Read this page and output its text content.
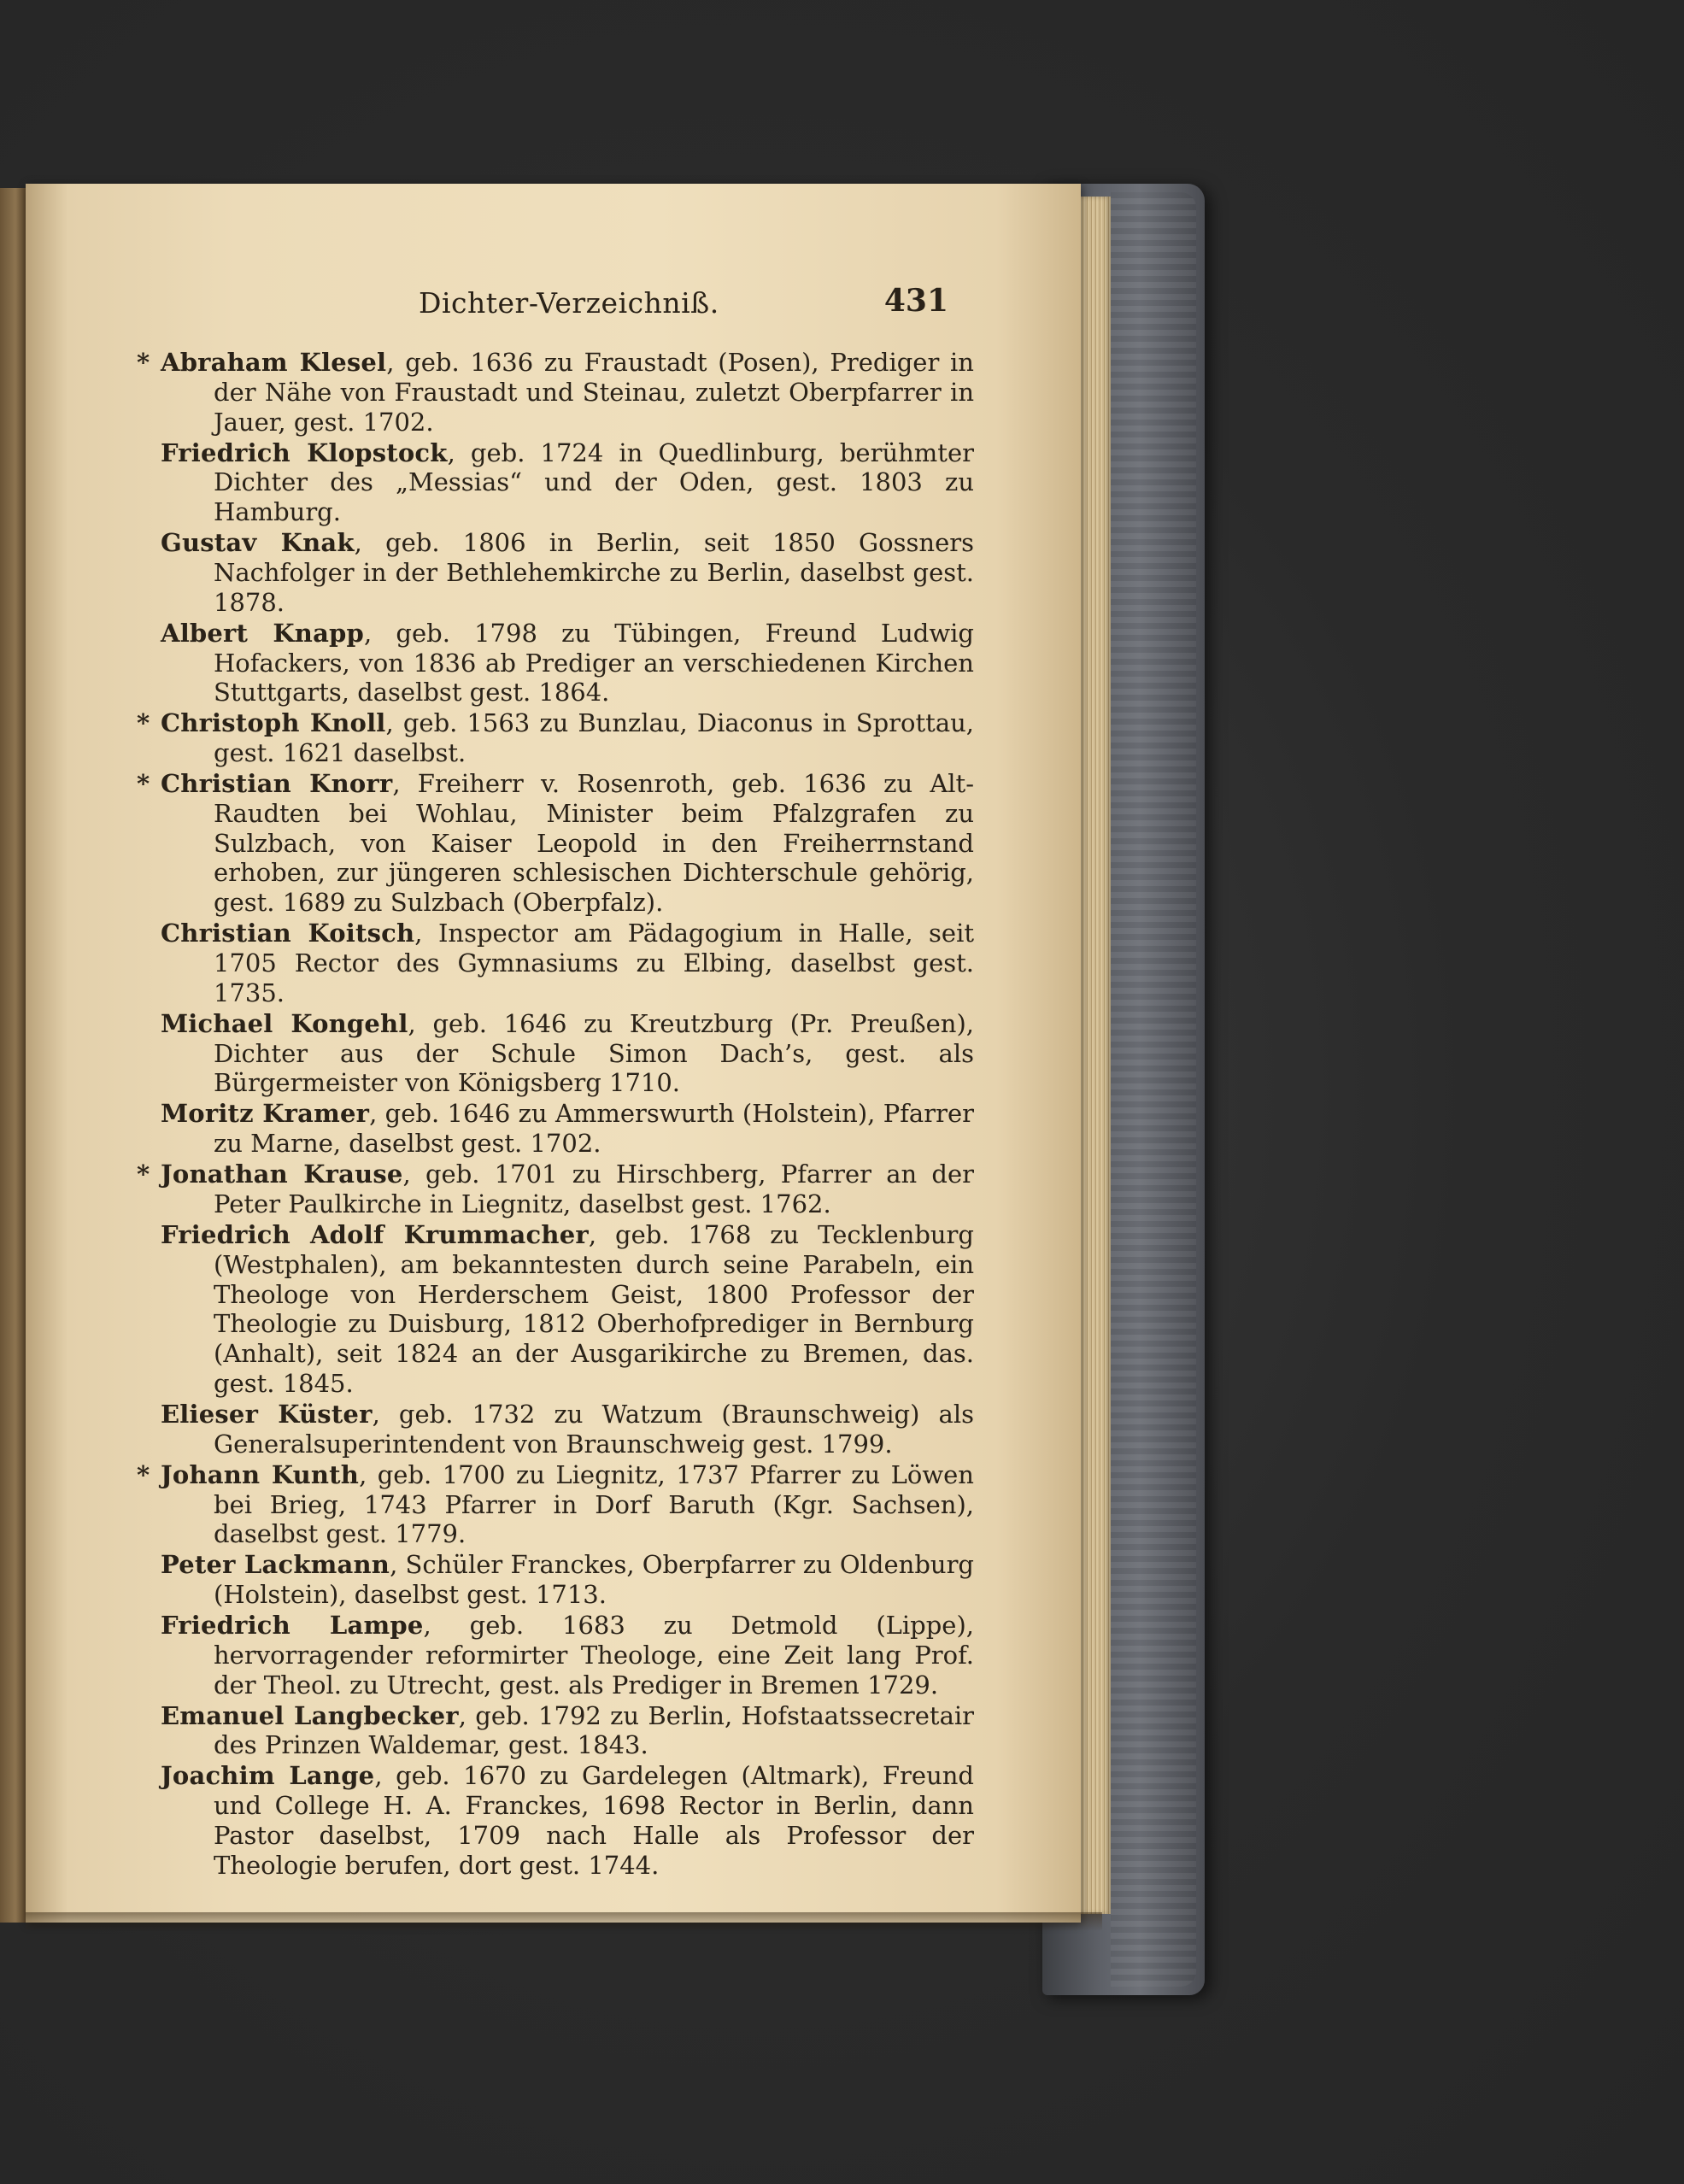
Dichter-Verzeichniß.	431

* Abraham Klesel, geb. 1636 zu Fraustadt (Posen), Prediger in der Nähe von Fraustadt und Steinau, zuletzt Oberpfarrer in Jauer, gest. 1702.

Friedrich Klopstock, geb. 1724 in Quedlinburg, berühmter Dichter des „Messias“ und der Oden, gest. 1803 zu Hamburg.

Gustav Knak, geb. 1806 in Berlin, seit 1850 Gossners Nachfolger in der Bethlehemkirche zu Berlin, daselbst gest. 1878.

Albert Knapp, geb. 1798 zu Tübingen, Freund Ludwig Hofackers, von 1836 ab Prediger an verschiedenen Kirchen Stuttgarts, daselbst gest. 1864.

* Christoph Knoll, geb. 1563 zu Bunzlau, Diaconus in Sprottau, gest. 1621 daselbst.

* Christian Knorr, Freiherr v. Rosenroth, geb. 1636 zu Alt-Raudten bei Wohlau, Minister beim Pfalzgrafen zu Sulzbach, von Kaiser Leopold in den Freiherrnstand erhoben, zur jüngeren schlesischen Dichterschule gehörig, gest. 1689 zu Sulzbach (Oberpfalz).

Christian Koitsch, Inspector am Pädagogium in Halle, seit 1705 Rector des Gymnasiums zu Elbing, daselbst gest. 1735.

Michael Kongehl, geb. 1646 zu Kreutzburg (Pr. Preußen), Dichter aus der Schule Simon Dach’s, gest. als Bürgermeister von Königsberg 1710.

Moritz Kramer, geb. 1646 zu Ammerswurth (Holstein), Pfarrer zu Marne, daselbst gest. 1702.

* Jonathan Krause, geb. 1701 zu Hirschberg, Pfarrer an der Peter Paulkirche in Liegnitz, daselbst gest. 1762.

Friedrich Adolf Krummacher, geb. 1768 zu Tecklenburg (Westphalen), am bekanntesten durch seine Parabeln, ein Theologe von Herderschem Geist, 1800 Professor der Theologie zu Duisburg, 1812 Oberhofprediger in Bernburg (Anhalt), seit 1824 an der Ausgarikirche zu Bremen, das. gest. 1845.

Elieser Küster, geb. 1732 zu Watzum (Braunschweig) als Generalsuperintendent von Braunschweig gest. 1799.

* Johann Kunth, geb. 1700 zu Liegnitz, 1737 Pfarrer zu Löwen bei Brieg, 1743 Pfarrer in Dorf Baruth (Kgr. Sachsen), daselbst gest. 1779.

Peter Lackmann, Schüler Franckes, Oberpfarrer zu Oldenburg (Holstein), daselbst gest. 1713.

Friedrich Lampe, geb. 1683 zu Detmold (Lippe), hervorragender reformirter Theologe, eine Zeit lang Prof. der Theol. zu Utrecht, gest. als Prediger in Bremen 1729.

Emanuel Langbecker, geb. 1792 zu Berlin, Hofstaatssecretair des Prinzen Waldemar, gest. 1843.

Joachim Lange, geb. 1670 zu Gardelegen (Altmark), Freund und College H. A. Franckes, 1698 Rector in Berlin, dann Pastor daselbst, 1709 nach Halle als Professor der Theologie berufen, dort gest. 1744.
